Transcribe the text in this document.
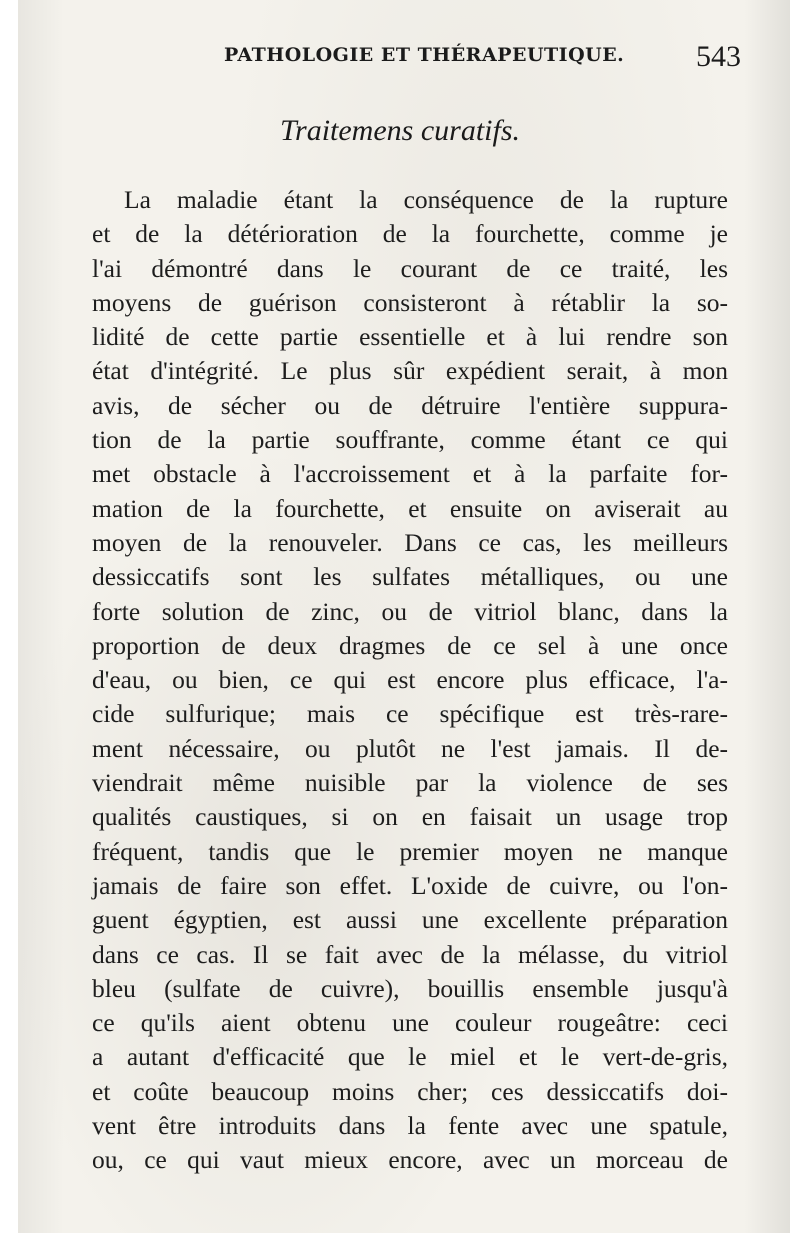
PATHOLOGIE ET THÉRAPEUTIQUE. 543
Traitemens curatifs.
La maladie étant la conséquence de la rupture
et de la détérioration de la fourchette, comme je
l'ai démontré dans le courant de ce traité, les
moyens de guérison consisteront à rétablir la so-
lidité de cette partie essentielle et à lui rendre son
état d'intégrité. Le plus sûr expédient serait, à mon
avis, de sécher ou de détruire l'entière suppura-
tion de la partie souffrante, comme étant ce qui
met obstacle à l'accroissement et à la parfaite for-
mation de la fourchette, et ensuite on aviserait au
moyen de la renouveler. Dans ce cas, les meilleurs
dessiccatifs sont les sulfates métalliques, ou une
forte solution de zinc, ou de vitriol blanc, dans la
proportion de deux dragmes de ce sel à une once
d'eau, ou bien, ce qui est encore plus efficace, l'a-
cide sulfurique; mais ce spécifique est très-rare-
ment nécessaire, ou plutôt ne l'est jamais. Il de-
viendrait même nuisible par la violence de ses
qualités caustiques, si on en faisait un usage trop
fréquent, tandis que le premier moyen ne manque
jamais de faire son effet. L'oxide de cuivre, ou l'on-
guent égyptien, est aussi une excellente préparation
dans ce cas. Il se fait avec de la mélasse, du vitriol
bleu (sulfate de cuivre), bouillis ensemble jusqu'à
ce qu'ils aient obtenu une couleur rougeâtre: ceci
a autant d'efficacité que le miel et le vert-de-gris,
et coûte beaucoup moins cher; ces dessiccatifs doi-
vent être introduits dans la fente avec une spatule,
ou, ce qui vaut mieux encore, avec un morceau de
